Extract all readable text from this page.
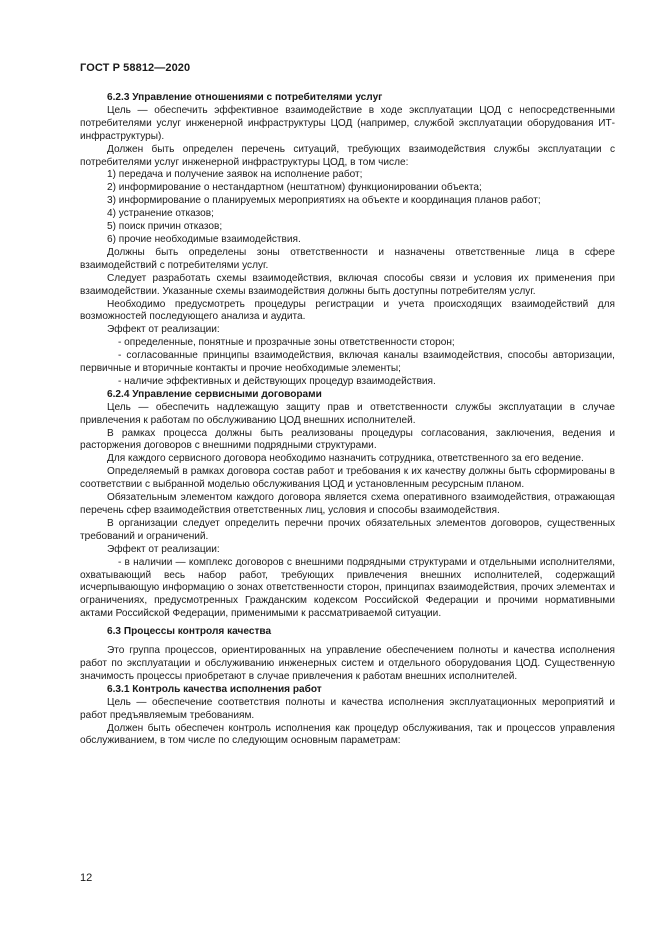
ГОСТ Р 58812—2020

6.2.3 Управление отношениями с потребителями услуг

Цель — обеспечить эффективное взаимодействие в ходе эксплуатации ЦОД с непосредственными потребителями услуг инженерной инфраструктуры ЦОД (например, службой эксплуатации оборудования ИТ-инфраструктуры).

Должен быть определен перечень ситуаций, требующих взаимодействия службы эксплуатации с потребителями услуг инженерной инфраструктуры ЦОД, в том числе:

1) передача и получение заявок на исполнение работ;

2) информирование о нестандартном (нештатном) функционировании объекта;

3) информирование о планируемых мероприятиях на объекте и координация планов работ;

4) устранение отказов;

5) поиск причин отказов;

6) прочие необходимые взаимодействия.

Должны быть определены зоны ответственности и назначены ответственные лица в сфере взаимодействий с потребителями услуг.

Следует разработать схемы взаимодействия, включая способы связи и условия их применения при взаимодействии. Указанные схемы взаимодействия должны быть доступны потребителям услуг.

Необходимо предусмотреть процедуры регистрации и учета происходящих взаимодействий для возможностей последующего анализа и аудита.

Эффект от реализации:

- определенные, понятные и прозрачные зоны ответственности сторон;

- согласованные принципы взаимодействия, включая каналы взаимодействия, способы авторизации, первичные и вторичные контакты и прочие необходимые элементы;

- наличие эффективных и действующих процедур взаимодействия.

6.2.4 Управление сервисными договорами

Цель — обеспечить надлежащую защиту прав и ответственности службы эксплуатации в случае привлечения к работам по обслуживанию ЦОД внешних исполнителей.

В рамках процесса должны быть реализованы процедуры согласования, заключения, ведения и расторжения договоров с внешними подрядными структурами.

Для каждого сервисного договора необходимо назначить сотрудника, ответственного за его ведение.

Определяемый в рамках договора состав работ и требования к их качеству должны быть сформированы в соответствии с выбранной моделью обслуживания ЦОД и установленным ресурсным планом.

Обязательным элементом каждого договора является схема оперативного взаимодействия, отражающая перечень сфер взаимодействия ответственных лиц, условия и способы взаимодействия.

В организации следует определить перечни прочих обязательных элементов договоров, существенных требований и ограничений.

Эффект от реализации:

- в наличии — комплекс договоров с внешними подрядными структурами и отдельными исполнителями, охватывающий весь набор работ, требующих привлечения внешних исполнителей, содержащий исчерпывающую информацию о зонах ответственности сторон, принципах взаимодействия, прочих элементах и ограничениях, предусмотренных Гражданским кодексом Российской Федерации и прочими нормативными актами Российской Федерации, применимыми к рассматриваемой ситуации.

6.3 Процессы контроля качества

Это группа процессов, ориентированных на управление обеспечением полноты и качества исполнения работ по эксплуатации и обслуживанию инженерных систем и отдельного оборудования ЦОД. Существенную значимость процессы приобретают в случае привлечения к работам внешних исполнителей.

6.3.1 Контроль качества исполнения работ

Цель — обеспечение соответствия полноты и качества исполнения эксплуатационных мероприятий и работ предъявляемым требованиям.

Должен быть обеспечен контроль исполнения как процедур обслуживания, так и процессов управления обслуживанием, в том числе по следующим основным параметрам:

12
